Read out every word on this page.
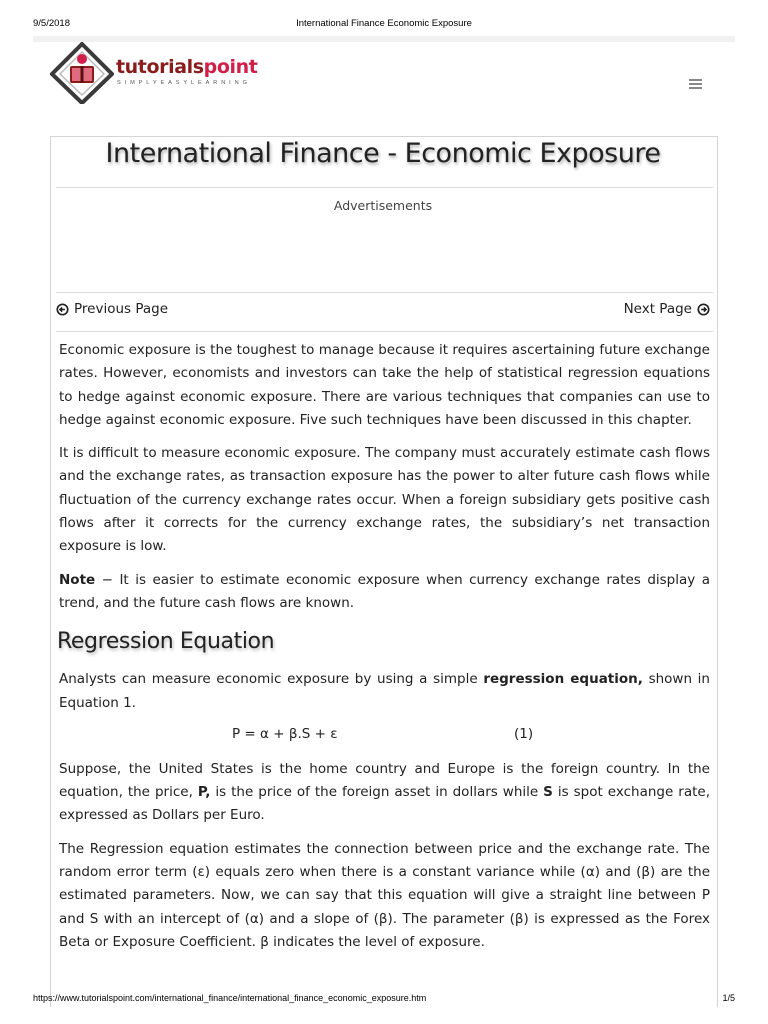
9/5/2018	International Finance Economic Exposure
tutorialspoint
SIMPLYEASYLEARNING
International Finance - Economic Exposure
Advertisements
Previous Page	Next Page

Economic exposure is the toughest to manage because it requires ascertaining future exchange rates. However, economists and investors can take the help of statistical regression equations to hedge against economic exposure. There are various techniques that companies can use to hedge against economic exposure. Five such techniques have been discussed in this chapter.

It is difficult to measure economic exposure. The company must accurately estimate cash flows and the exchange rates, as transaction exposure has the power to alter future cash flows while fluctuation of the currency exchange rates occur. When a foreign subsidiary gets positive cash flows after it corrects for the currency exchange rates, the subsidiary’s net transaction exposure is low.

Note − It is easier to estimate economic exposure when currency exchange rates display a trend, and the future cash flows are known.

Regression Equation

Analysts can measure economic exposure by using a simple regression equation, shown in Equation 1.

P = α + β.S + ε	(1)

Suppose, the United States is the home country and Europe is the foreign country. In the equation, the price, P, is the price of the foreign asset in dollars while S is spot exchange rate, expressed as Dollars per Euro.

The Regression equation estimates the connection between price and the exchange rate. The random error term (ε) equals zero when there is a constant variance while (α) and (β) are the estimated parameters. Now, we can say that this equation will give a straight line between P and S with an intercept of (α) and a slope of (β). The parameter (β) is expressed as the Forex Beta or Exposure Coefficient. β indicates the level of exposure.

https://www.tutorialspoint.com/international_finance/international_finance_economic_exposure.htm	1/5
